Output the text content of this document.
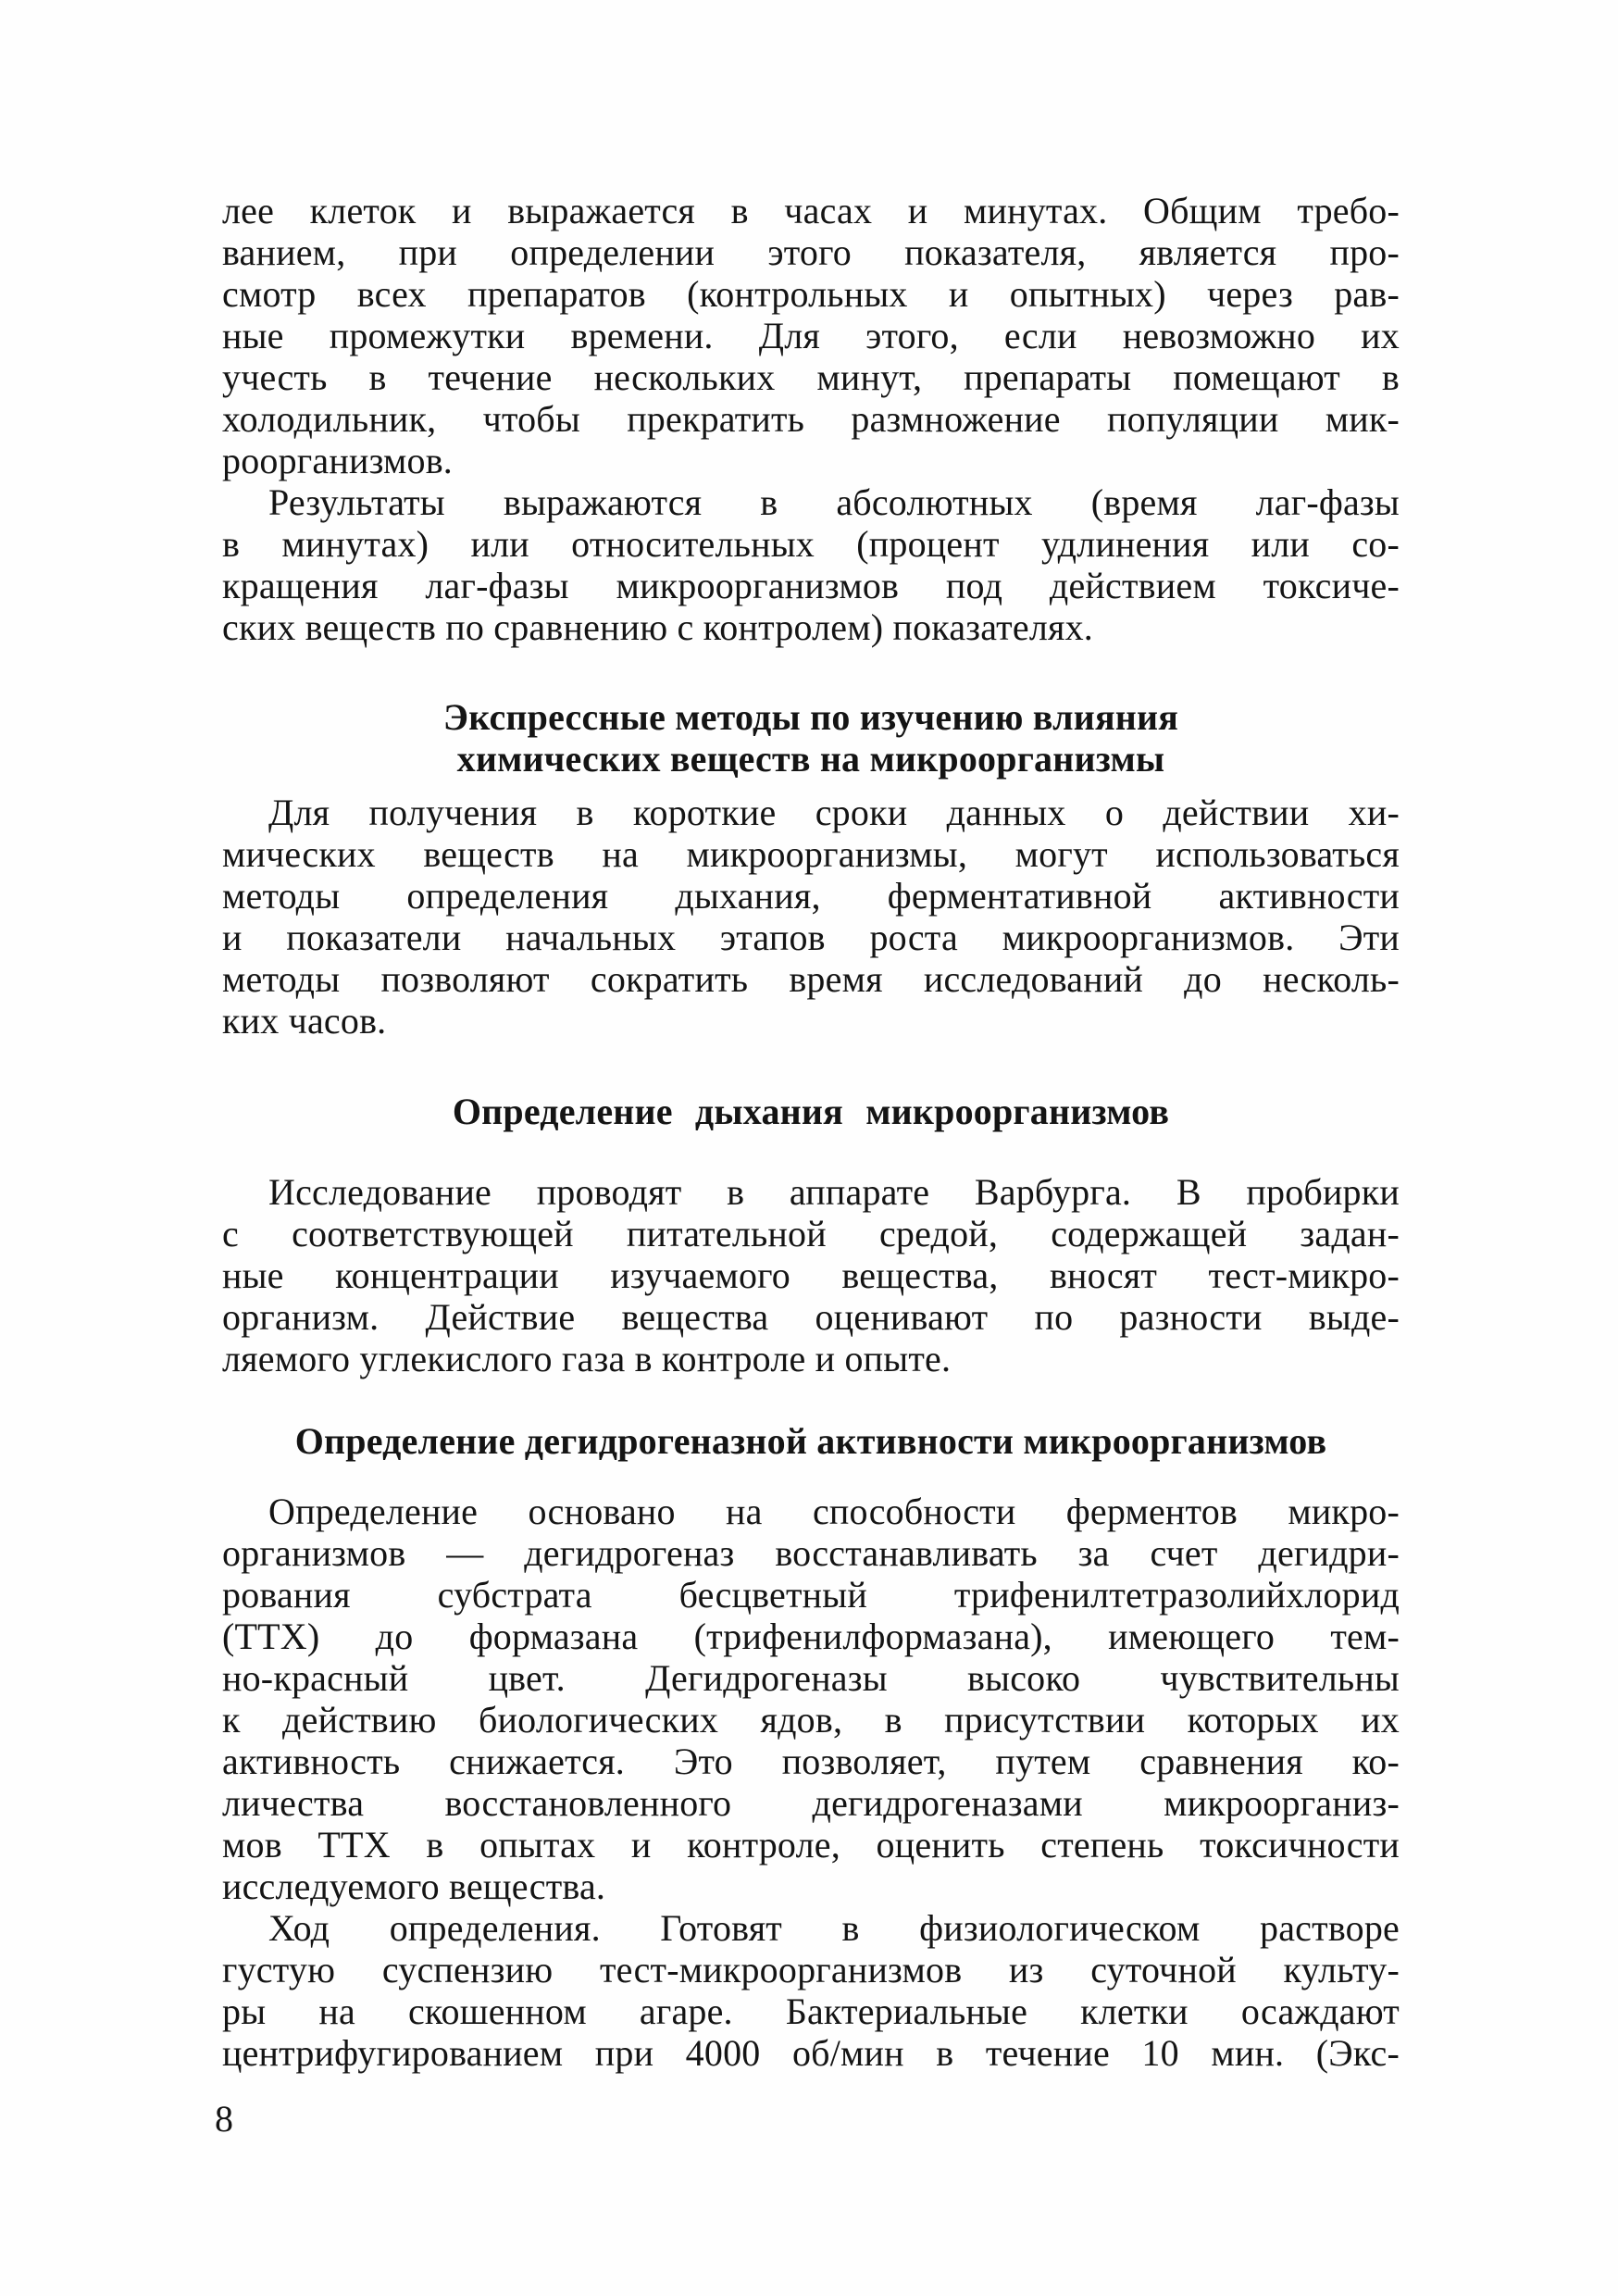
лее клеток и выражается в часах и минутах. Общим требо-
ванием, при определении этого показателя, является про-
смотр всех препаратов (контрольных и опытных) через рав-
ные промежутки времени. Для этого, если невозможно их
учесть в течение нескольких минут, препараты помещают в
холодильник, чтобы прекратить размножение популяции мик-
роорганизмов.
Результаты выражаются в абсолютных (время лаг-фазы
в минутах) или относительных (процент удлинения или со-
кращения лаг-фазы микроорганизмов под действием токсиче-
ских веществ по сравнению с контролем) показателях.
Экспрессные методы по изучению влияния
химических веществ на микроорганизмы
Для получения в короткие сроки данных о действии хи-
мических веществ на микроорганизмы, могут использоваться
методы определения дыхания, ферментативной активности
и показатели начальных этапов роста микроорганизмов. Эти
методы позволяют сократить время исследований до несколь-
ких часов.
Определение дыхания микроорганизмов
Исследование проводят в аппарате Варбурга. В пробирки
с соответствующей питательной средой, содержащей задан-
ные концентрации изучаемого вещества, вносят тест-микро-
организм. Действие вещества оценивают по разности выде-
ляемого углекислого газа в контроле и опыте.
Определение дегидрогеназной активности микроорганизмов
Определение основано на способности ферментов микро-
организмов — дегидрогеназ восстанавливать за счет дегидри-
рования субстрата бесцветный трифенилтетразолийхлорид
(ТТХ) до формазана (трифенилформазана), имеющего тем-
но-красный цвет. Дегидрогеназы высоко чувствительны
к действию биологических ядов, в присутствии которых их
активность снижается. Это позволяет, путем сравнения ко-
личества восстановленного дегидрогеназами микроорганиз-
мов ТТХ в опытах и контроле, оценить степень токсичности
исследуемого вещества.
Ход определения. Готовят в физиологическом растворе
густую суспензию тест-микроорганизмов из суточной культу-
ры на скошенном агаре. Бактериальные клетки осаждают
центрифугированием при 4000 об/мин в течение 10 мин. (Экс-
8
